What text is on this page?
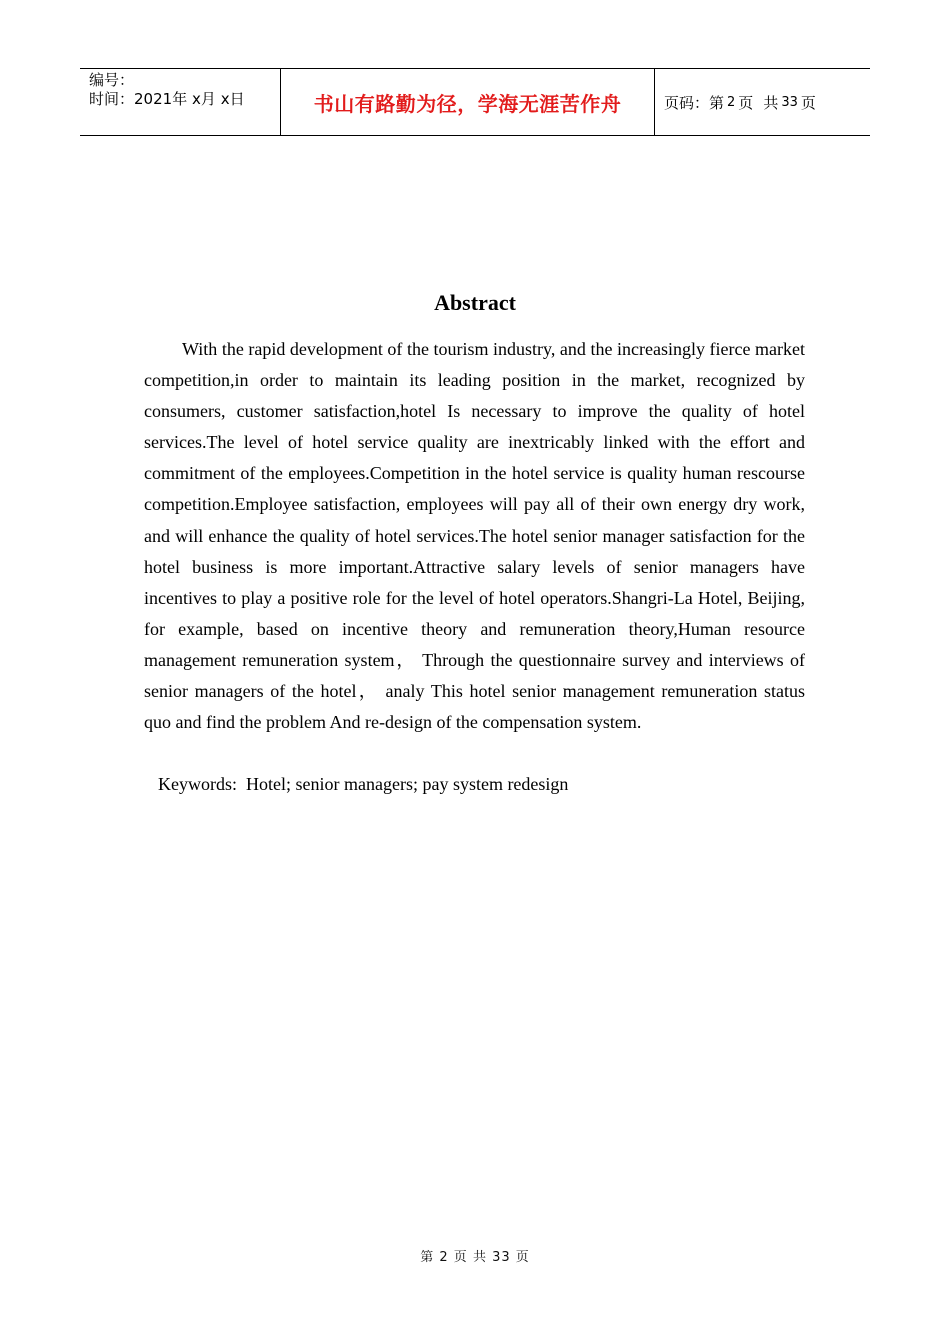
编号：
时间：2021年 x月 x日	书山有路勤为径，学海无涯苦作舟	页码：第 2 页 共 33 页
Abstract

With the rapid development of the tourism industry, and the increasingly fierce market competition,in order to maintain its leading position in the market, recognized by consumers, customer satisfaction,hotel Is necessary to improve the quality of hotel services.The level of hotel service quality are inextricably linked with the effort and commitment of the employees.Competition in the hotel service is quality human rescourse competition.Employee satisfaction, employees will pay all of their own energy dry work, and will enhance the quality of hotel services.The hotel senior manager satisfaction for the hotel business is more important.Attractive salary levels of senior managers have incentives to play a positive role for the level of hotel operators.Shangri-La Hotel, Beijing, for example, based on incentive theory and remuneration theory,Human resource management remuneration system， Through the questionnaire survey and interviews of senior managers of the hotel， analy This hotel senior management remuneration status quo and find the problem And re-design of the compensation system.

Keywords: Hotel; senior managers; pay system redesign
第 2 页 共 33 页
